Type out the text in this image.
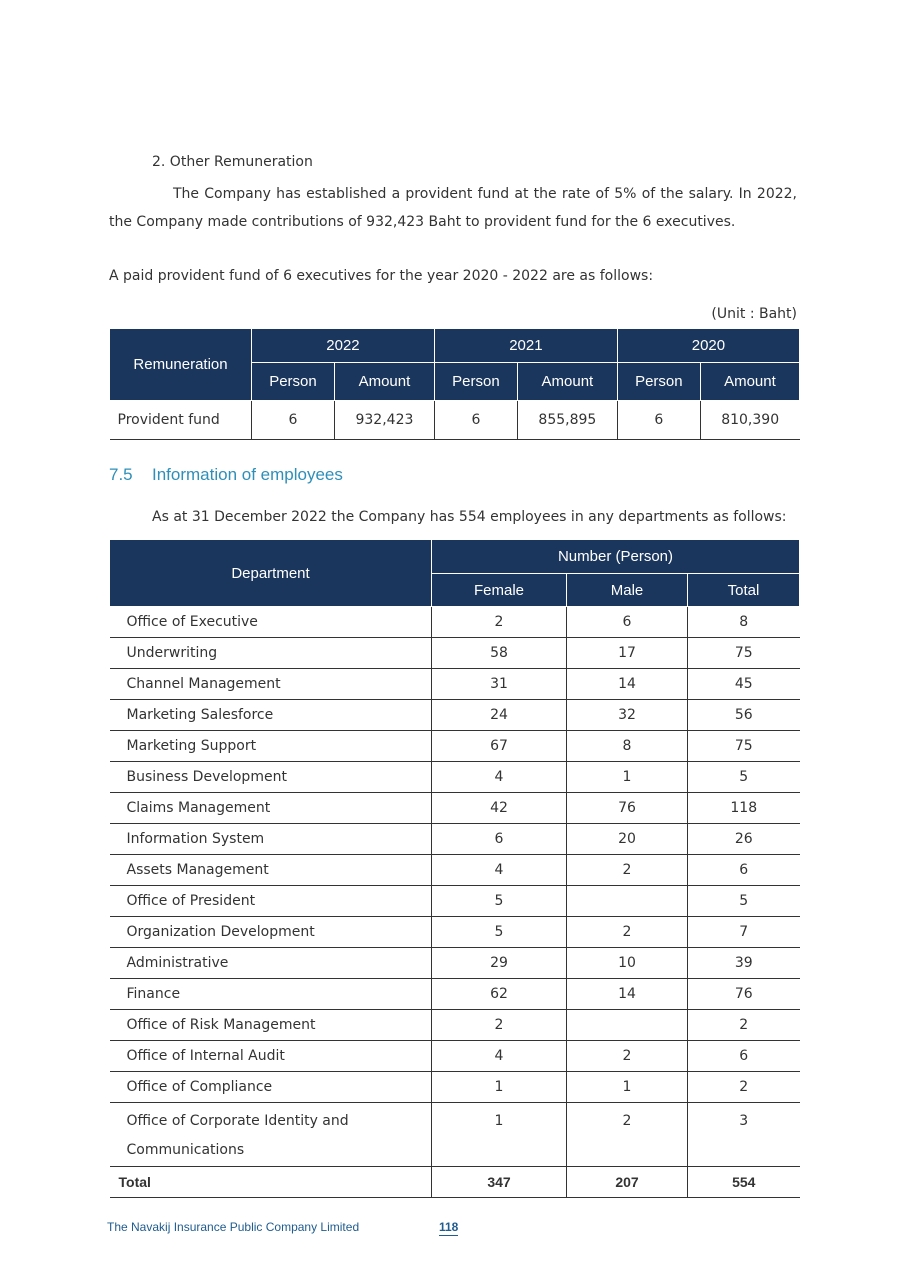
2. Other Remuneration
The Company has established a provident fund at the rate of 5% of the salary. In 2022, the Company made contributions of 932,423 Baht to provident fund for the 6 executives.
A paid provident fund of 6 executives for the year 2020 - 2022 are as follows:
(Unit : Baht)
Remuneration	2022		2021		2020	
	Person	Amount	Person	Amount	Person	Amount
Provident fund	6	932,423	6	855,895	6	810,390
7.5 Information of employees
As at 31 December 2022 the Company has 554 employees in any departments as follows:
Department	Number (Person)		
	Female	Male	Total
Office of Executive	2	6	8
Underwriting	58	17	75
Channel Management	31	14	45
Marketing Salesforce	24	32	56
Marketing Support	67	8	75
Business Development	4	1	5
Claims Management	42	76	118
Information System	6	20	26
Assets Management	4	2	6
Office of President	5		5
Organization Development	5	2	7
Administrative	29	10	39
Finance	62	14	76
Office of Risk Management	2		2
Office of Internal Audit	4	2	6
Office of Compliance	1	1	2

Office of Corporate Identity and
Communications	1	2	3
Total	347	207	554
The Navakij Insurance Public Company Limited	118
